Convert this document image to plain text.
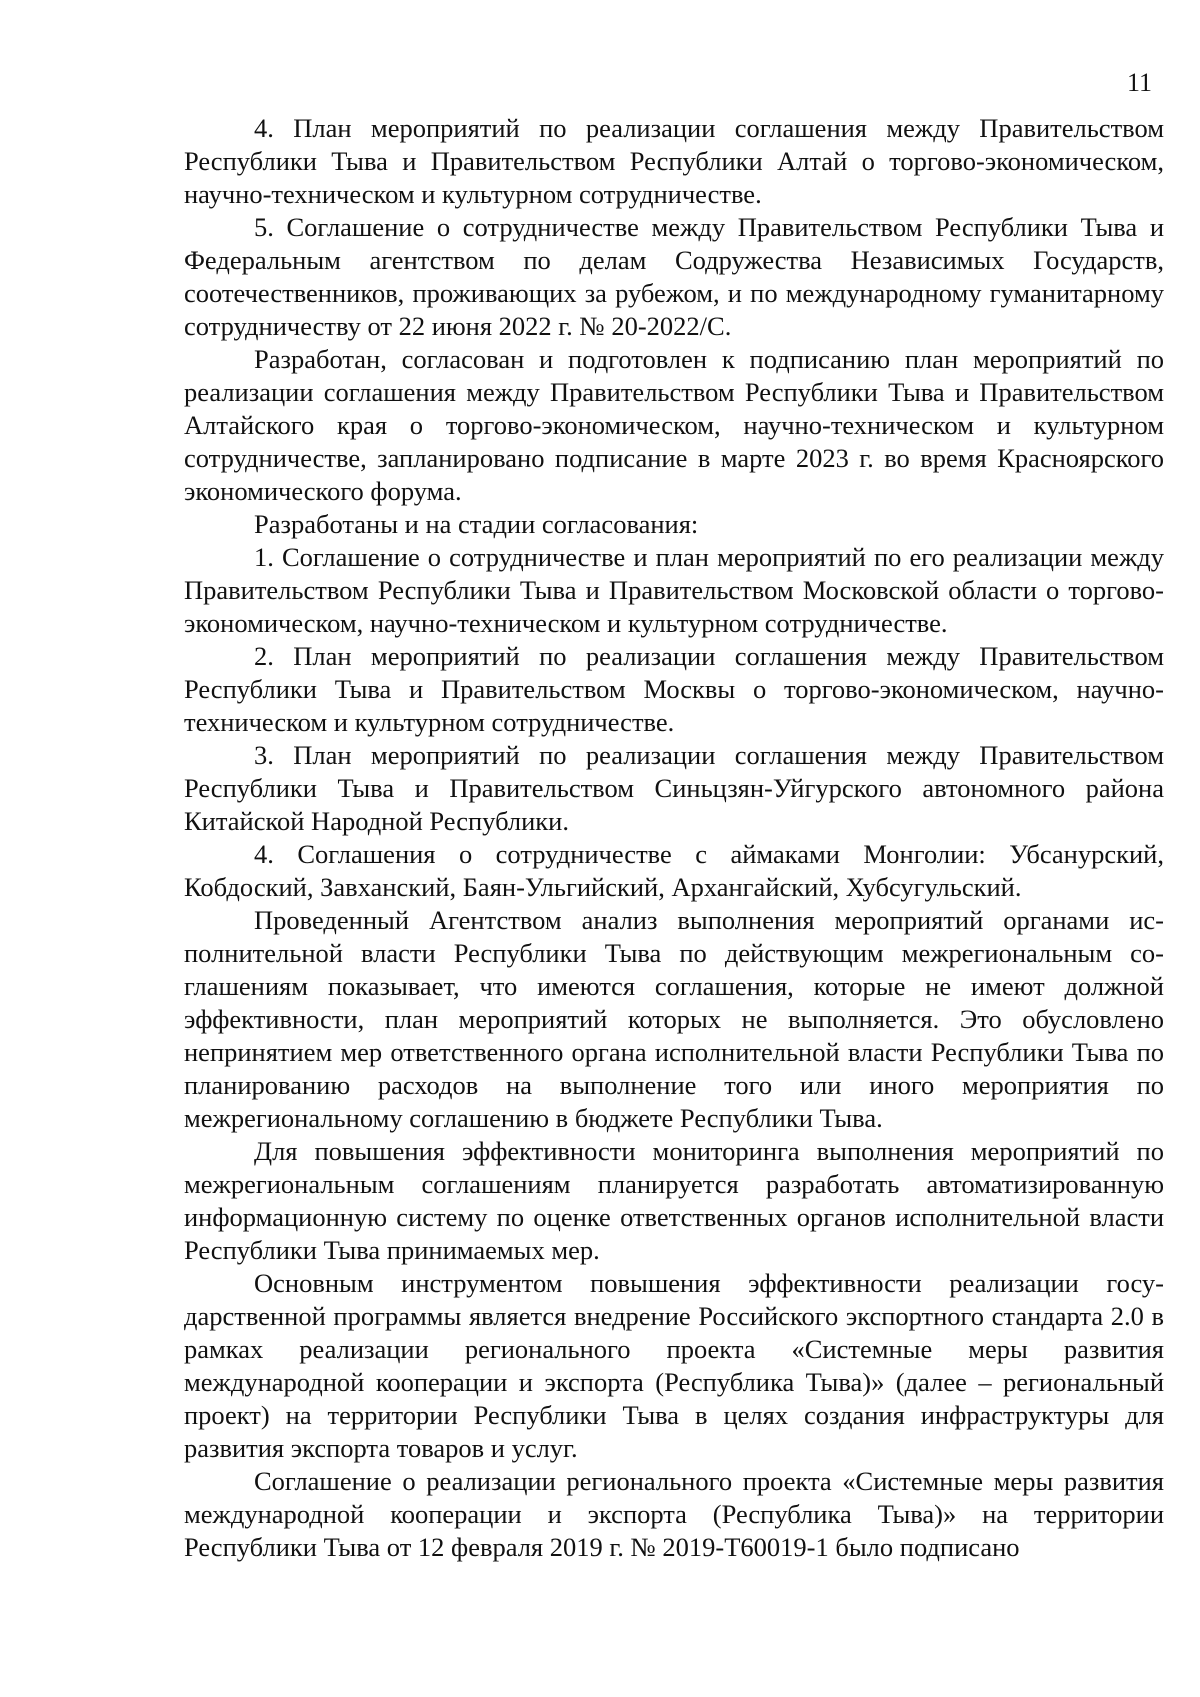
11

4. План мероприятий по реализации соглашения между Правительством Республики Тыва и Правительством Республики Алтай о торгово-экономическом, научно-техническом и культурном сотрудничестве.

5. Соглашение о сотрудничестве между Правительством Республики Тыва и Федеральным агентством по делам Содружества Независимых Государств, соотечественников, проживающих за рубежом, и по международному гуманитарному сотрудничеству от 22 июня 2022 г. № 20-2022/С.

Разработан, согласован и подготовлен к подписанию план мероприятий по реализации соглашения между Правительством Республики Тыва и Правительством Алтайского края о торгово-экономическом, научно-техническом и культурном сотрудничестве, запланировано подписание в марте 2023 г. во время Красноярского экономического форума.

Разработаны и на стадии согласования:

1. Соглашение о сотрудничестве и план мероприятий по его реализации между Правительством Республики Тыва и Правительством Московской области о торгово-экономическом, научно-техническом и культурном сотрудничестве.

2. План мероприятий по реализации соглашения между Правительством Республики Тыва и Правительством Москвы о торгово-экономическом, научно-техническом и культурном сотрудничестве.

3. План мероприятий по реализации соглашения между Правительством Республики Тыва и Правительством Синьцзян-Уйгурского автономного района Китайской Народной Республики.

4. Соглашения о сотрудничестве с аймаками Монголии: Убсанурский, Кобдоский, Завханский, Баян-Ульгийский, Архангайский, Хубсугульский.

Проведенный Агентством анализ выполнения мероприятий органами исполнительной власти Республики Тыва по действующим межрегиональным соглашениям показывает, что имеются соглашения, которые не имеют должной эффективности, план мероприятий которых не выполняется. Это обусловлено непринятием мер ответственного органа исполнительной власти Республики Тыва по планированию расходов на выполнение того или иного мероприятия по межрегиональному соглашению в бюджете Республики Тыва.

Для повышения эффективности мониторинга выполнения мероприятий по межрегиональным соглашениям планируется разработать автоматизированную информационную систему по оценке ответственных органов исполнительной власти Республики Тыва принимаемых мер.

Основным инструментом повышения эффективности реализации государственной программы является внедрение Российского экспортного стандарта 2.0 в рамках реализации регионального проекта «Системные меры развития международной кооперации и экспорта (Республика Тыва)» (далее – региональный проект) на территории Республики Тыва в целях создания инфраструктуры для развития экспорта товаров и услуг.

Соглашение о реализации регионального проекта «Системные меры развития международной кооперации и экспорта (Республика Тыва)» на территории Республики Тыва от 12 февраля 2019 г. № 2019-Т60019-1 было подписано
